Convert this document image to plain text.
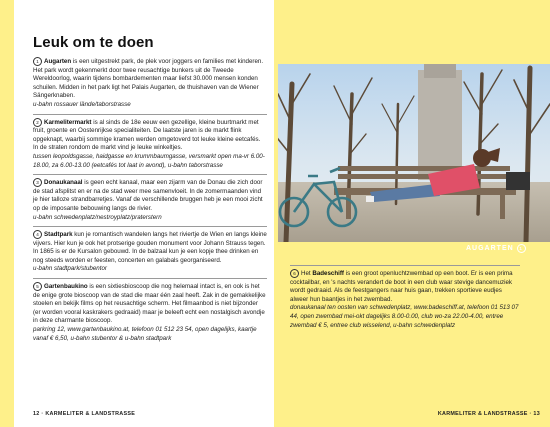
Leuk om te doen
1 Augarten is een uitgestrekt park, de plek voor joggers en families met kinderen. Het park wordt gekenmerkt door twee reusachtige bunkers uit de Tweede Wereldoorlog, waarin tijdens bombardementen maar liefst 30.000 mensen konden schuilen. Midden in het park ligt het Palais Augarten, de thuishaven van de Wiener Sängerknaben.
u-bahn rossauer lände/taborstrasse
2 Karmelitermarkt is al sinds de 18e eeuw een gezellige, kleine buurtmarkt met fruit, groente en Oostenrijkse specialiteiten. De laatste jaren is de markt flink opgeknapt, waarbij sommige kramen werden omgetoverd tot leuke kleine eetcafés. In de straten rondom de markt vind je leuke winkeltjes.
tussen leopoldsgasse, haidgasse en krummbaumgasse, versmarkt open ma-vr 6.00-18.00, za 6.00-13.00 (eetcafés tot laat in avond), u-bahn taborstrasse
3 Donaukanaal is geen echt kanaal, maar een zijarm van de Donau die zich door de stad afsplitst en er na de stad weer mee samenvloeit. In de zomermaanden vind je hier talloze strandbarretjes. Vanaf de verschillende bruggen heb je een mooi zicht op de imposante bebouwing langs de rivier.
u-bahn schwedenplatz/nestroyplatz/praterstern
4 Stadtpark kun je romantisch wandelen langs het riviertje de Wien en langs kleine vijvers. Hier kun je ook het protserige gouden monument voor Johann Strauss tegen. In 1865 is er de Kursalon gebouwd. In de balzaal kun je een kopje thee drinken en nog steeds worden er feesten, concerten en galabals georganiseerd.
u-bahn stadtpark/stubentor
5 Gartenbaukino is een sixtiesbioscoop die nog helemaal intact is, en ook is het de enige grote bioscoop van de stad die maar één zaal heeft. Zak in de gemakkelijke stoelen en bekijk films op het reusachtige scherm. Het filmaanbod is niet bijzonder (er worden vooral kaskrakers gedraaid) maar je beleeft echt een nostalgisch avondje in deze charmante bioscoop.
parkring 12, www.gartenbaukino.at, telefoon 01 512 23 54, open dagelijks, kaartje vanaf € 6,50, u-bahn stubentor & u-bahn stadtpark
12 · KARMELITER & LANDSTRASSE
AUGARTEN 1
6 Het Badeschiff is een groot openluchtzwembad op een boot. Er is een prima cocktailbar, en 's nachts verandert de boot in een club waar stevige dancemuziek wordt gedraaid. Als de feestgangers naar huis gaan, trekken sportieve eudjes alweer hun baantjes in het zwembad.
donaukanaal ten oosten van schwedenplatz, www.badeschiff.at, telefoon 01 513 07 44, open zwembad mei-okt dagelijks 8.00-0.00, club wo-za 22.00-4.00, entree zwembad € 5, entree club wisselend, u-bahn schwedenplatz
KARMELITER & LANDSTRASSE · 13
